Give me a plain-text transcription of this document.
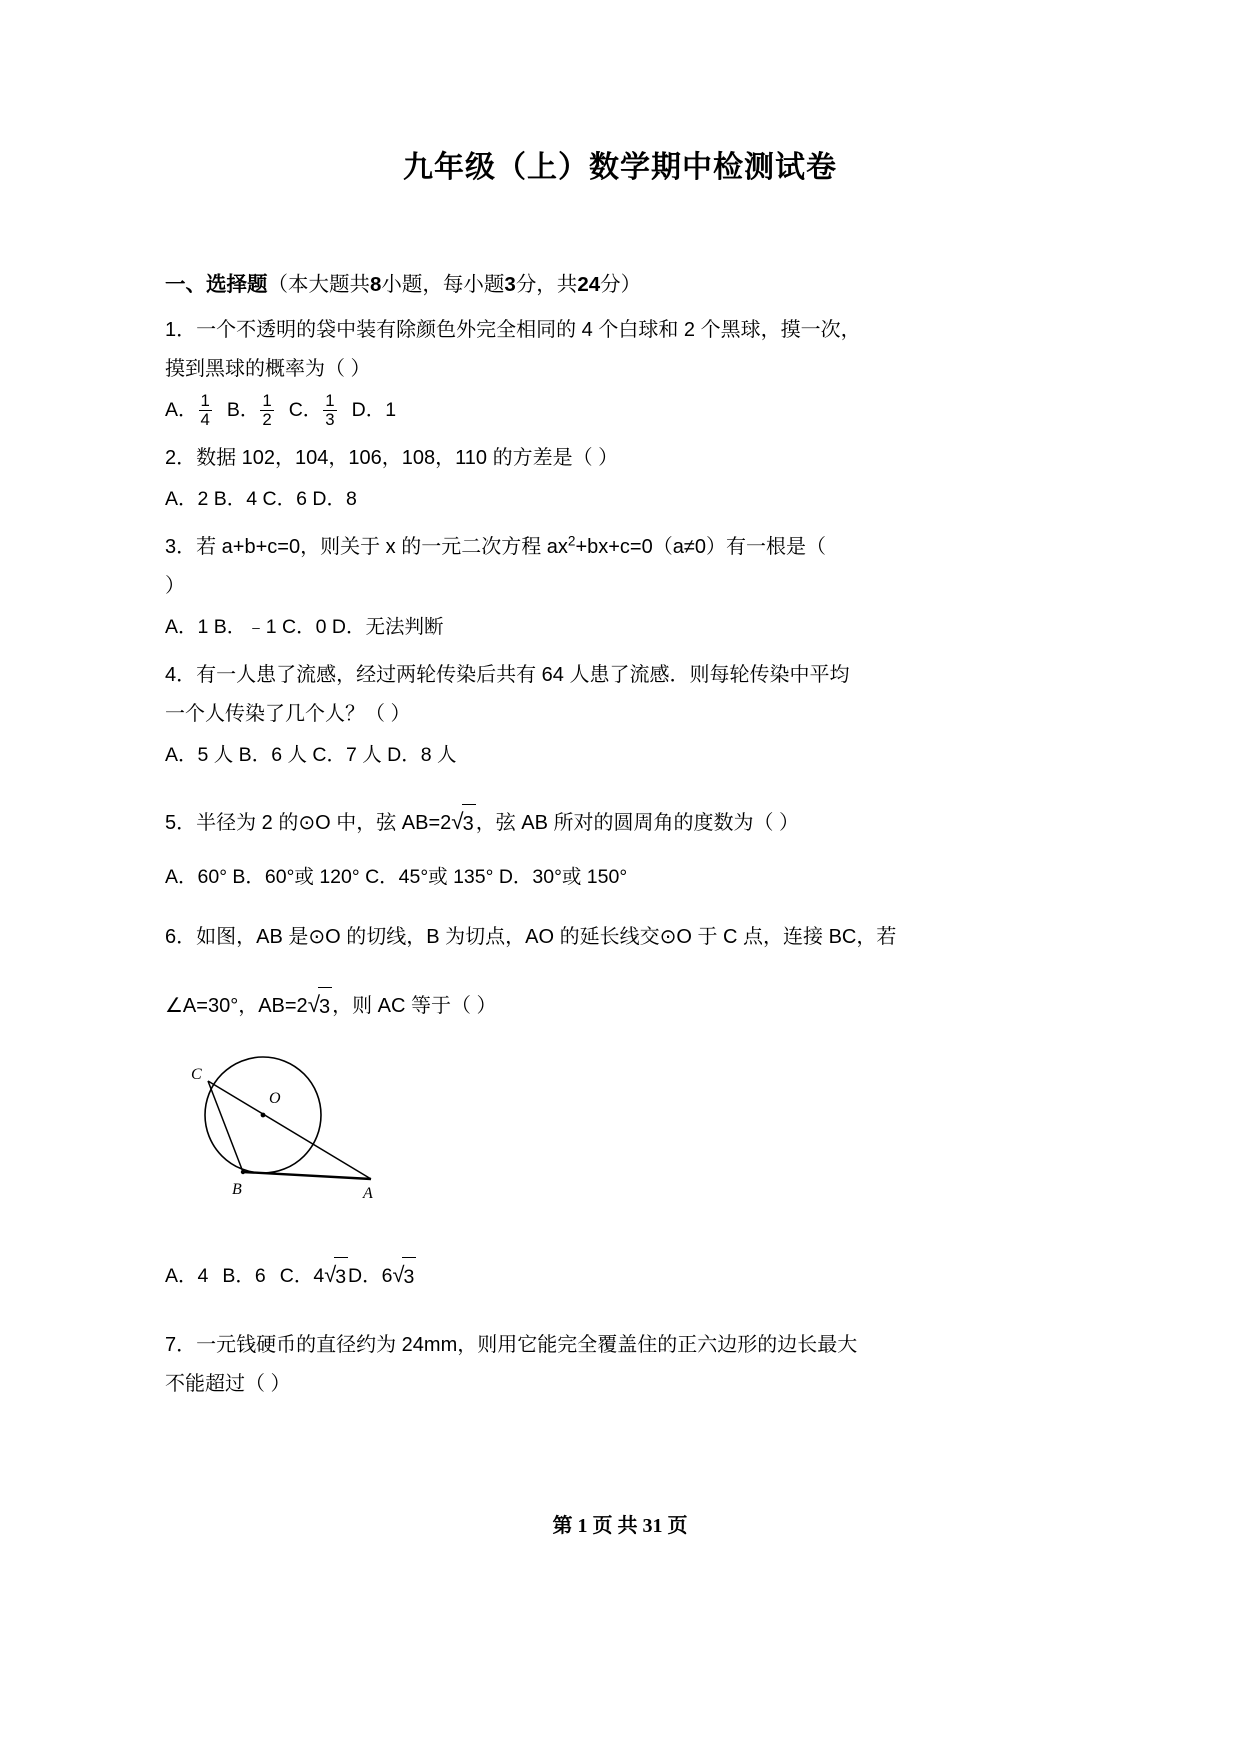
九年级（上）数学期中检测试卷
一、选择题（本大题共8小题，每小题3分，共24分）
1．一个不透明的袋中装有除颜色外完全相同的 4 个白球和 2 个黑球，摸一次，
摸到黑球的概率为（ ）
A． $\frac{1}{4}$ B． $\frac{1}{2}$ C． $\frac{1}{3}$ D．1
2．数据 102，104，106，108，110 的方差是（ ）
A．2 B．4 C．6 D．8
3．若 a+b+c=0，则关于 x 的一元二次方程 $ax^2+bx+c=0(a\ne 0)$有一根是（
）
A．1 B．﹣1 C．0 D．无法判断
4．有一人患了流感，经过两轮传染后共有 64 人患了流感．则每轮传染中平均
一个人传染了几个人？（ ）
A．5 人 B．6 人 C．7 人 D．8 人
5．半径为 2 的⊙O 中，弦 AB=2√3 ，弦 AB 所对的圆周角的度数为（ ）
A．60° B．60°或 120° C．45°或 135° D．30°或 150°
6．如图，AB 是⊙O 的切线，B 为切点，AO 的延长线交⊙O 于 C 点，连接 BC，若
∠A=30°，AB=2√3 ，则 AC 等于（ ）
C
O
B	A
A．4 B．6 C．4√3 D．6√3
7．一元钱硬币的直径约为 24mm，则用它能完全覆盖住的正六边形的边长最大
不能超过（ ）
第 1 页 共 31 页
